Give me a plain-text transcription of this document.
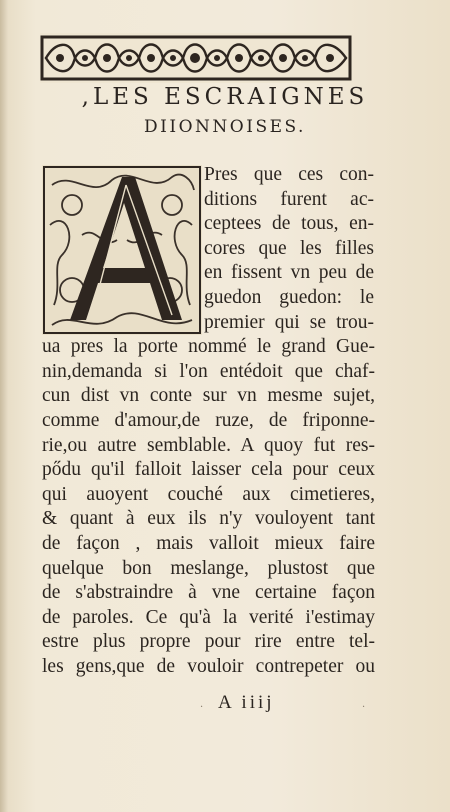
,LES ESCRAIGNES
DIIONNOISES.
Pres que ces con-
ditions furent ac-
ceptees de tous, en-
cores que les filles
en fissent vn peu de
guedon guedon: le
premier qui se trou-
ua pres la porte nommé le grand Gue-
nin,demanda si l'on entédoit que chaf-
cun dist vn conte sur vn mesme sujet,
comme d'amour,de ruze, de friponne-
rie,ou autre semblable. A quoy fut res-
pődu qu'il falloit laisser cela pour ceux
qui auoyent couché aux cimetieres,
& quant à eux ils n'y vouloyent tant
de façon , mais valloit mieux faire
quelque bon meslange, plustost que
de s'abstraindre à vne certaine façon
de paroles. Ce qu'à la verité i'estimay
estre plus propre pour rire entre tel-
les gens,que de vouloir contrepeter ou
· A iiij	·
